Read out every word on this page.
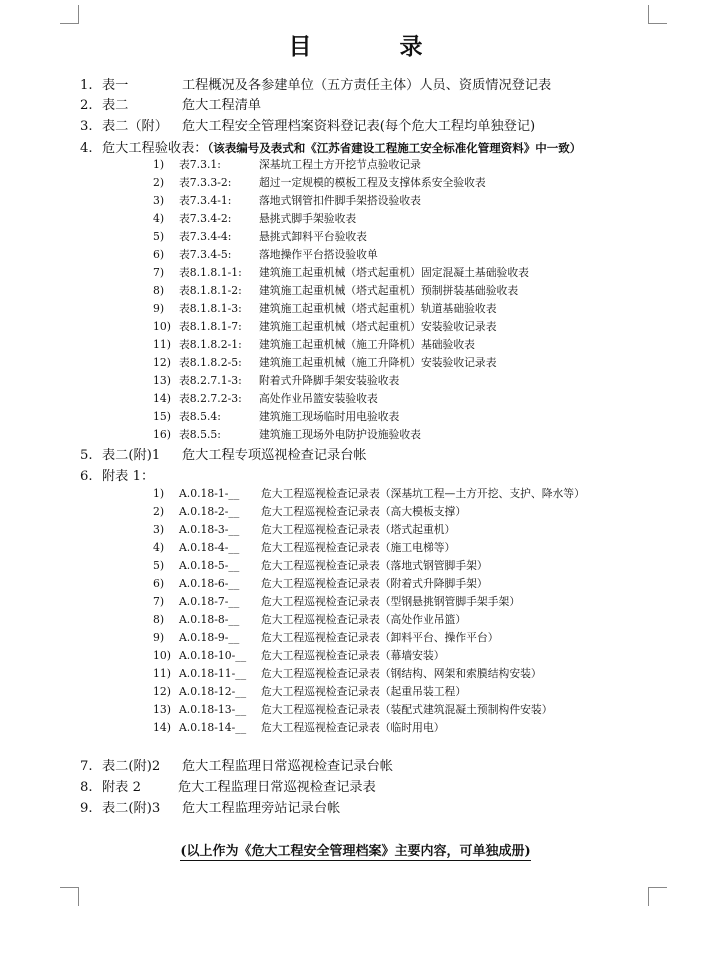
目 录
1. 表一	工程概况及各参建单位（五方责任主体）人员、资质情况登记表
2. 表二	危大工程清单
3. 表二（附） 危大工程安全管理档案资料登记表(每个危大工程均单独登记)
4. 危大工程验收表：（该表编号及表式和《江苏省建设工程施工安全标准化管理资料》中一致）
1) 表7.3.1:	深基坑工程土方开挖节点验收记录
2) 表7.3.3-2:	超过一定规模的模板工程及支撑体系安全验收表
3) 表7.3.4-1:	落地式钢管扣件脚手架搭设验收表
4) 表7.3.4-2:	悬挑式脚手架验收表
5) 表7.3.4-4:	悬挑式卸料平台验收表
6) 表7.3.4-5:	落地操作平台搭设验收单
7) 表8.1.8.1-1: 建筑施工起重机械（塔式起重机）固定混凝土基础验收表
8) 表8.1.8.1-2: 建筑施工起重机械（塔式起重机）预制拼装基础验收表
9) 表8.1.8.1-3: 建筑施工起重机械（塔式起重机）轨道基础验收表
10) 表8.1.8.1-7: 建筑施工起重机械（塔式起重机）安装验收记录表
11) 表8.1.8.2-1: 建筑施工起重机械（施工升降机）基础验收表
12) 表8.1.8.2-5: 建筑施工起重机械（施工升降机）安装验收记录表
13) 表8.2.7.1-3: 附着式升降脚手架安装验收表
14) 表8.2.7.2-3: 高处作业吊篮安装验收表
15) 表8.5.4:	建筑施工现场临时用电验收表
16) 表8.5.5:	建筑施工现场外电防护设施验收表
5. 表二(附)1 危大工程专项巡视检查记录台帐
6. 附表 1：
1) A.0.18-1-__ 危大工程巡视检查记录表（深基坑工程—土方开挖、支护、降水等）
2) A.0.18-2-__ 危大工程巡视检查记录表（高大模板支撑）
3) A.0.18-3-__ 危大工程巡视检查记录表（塔式起重机）
4) A.0.18-4-__ 危大工程巡视检查记录表（施工电梯等）
5) A.0.18-5-__ 危大工程巡视检查记录表（落地式钢管脚手架）
6) A.0.18-6-__ 危大工程巡视检查记录表（附着式升降脚手架）
7) A.0.18-7-__ 危大工程巡视检查记录表（型钢悬挑钢管脚手架手架）
8) A.0.18-8-__ 危大工程巡视检查记录表（高处作业吊篮）
9) A.0.18-9-__ 危大工程巡视检查记录表（卸料平台、操作平台）
10) A.0.18-10-__ 危大工程巡视检查记录表（幕墙安装）
11) A.0.18-11-__ 危大工程巡视检查记录表（钢结构、网架和索膜结构安装）
12) A.0.18-12-__ 危大工程巡视检查记录表（起重吊装工程）
13) A.0.18-13-__ 危大工程巡视检查记录表（装配式建筑混凝土预制构件安装）
14) A.0.18-14-__ 危大工程巡视检查记录表（临时用电）
7. 表二(附)2 危大工程监理日常巡视检查记录台帐
8. 附表 2	危大工程监理日常巡视检查记录表
9. 表二(附)3 危大工程监理旁站记录台帐
(以上作为《危大工程安全管理档案》主要内容，可单独成册)
